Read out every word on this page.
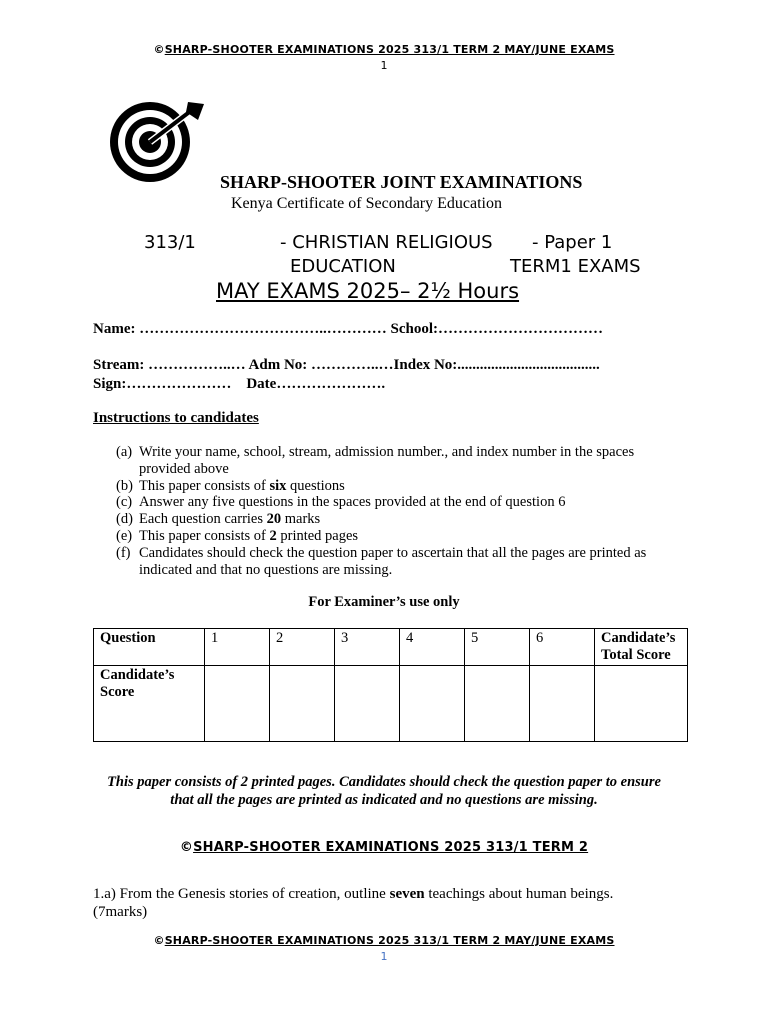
©SHARP-SHOOTER EXAMINATIONS 2025 313/1 TERM 2 MAY/JUNE EXAMS
1
SHARP-SHOOTER JOINT EXAMINATIONS
Kenya Certificate of Secondary Education
313/1	- CHRISTIAN RELIGIOUS
EDUCATION
- Paper 1
TERM1 EXAMS
MAY EXAMS 2025– 2½ Hours
Name: ………………………………..………… School:……………………………
Stream: ……………..… Adm No: …………..…Index No:......................................
Sign:…………………    Date………………….
Instructions to candidates
(a) Write your name, school, stream, admission number., and index number in the spaces provided above
(b) This paper consists of six questions
(c) Answer any five questions in the spaces provided at the end of question 6
(d) Each question carries 20 marks
(e) This paper consists of 2 printed pages
(f) Candidates should check the question paper to ascertain that all the pages are printed as indicated and that no questions are missing.
For Examiner’s use only
Question	1	2	3	4	5	6	Candidate’s Total Score
Candidate’s Score							
This paper consists of 2 printed pages. Candidates should check the question paper to ensure that all the pages are printed as indicated and no questions are missing.
©SHARP-SHOOTER EXAMINATIONS 2025 313/1 TERM 2
1.a) From the Genesis stories of creation, outline seven teachings about human beings.
(7marks)
©SHARP-SHOOTER EXAMINATIONS 2025 313/1 TERM 2 MAY/JUNE EXAMS
1
